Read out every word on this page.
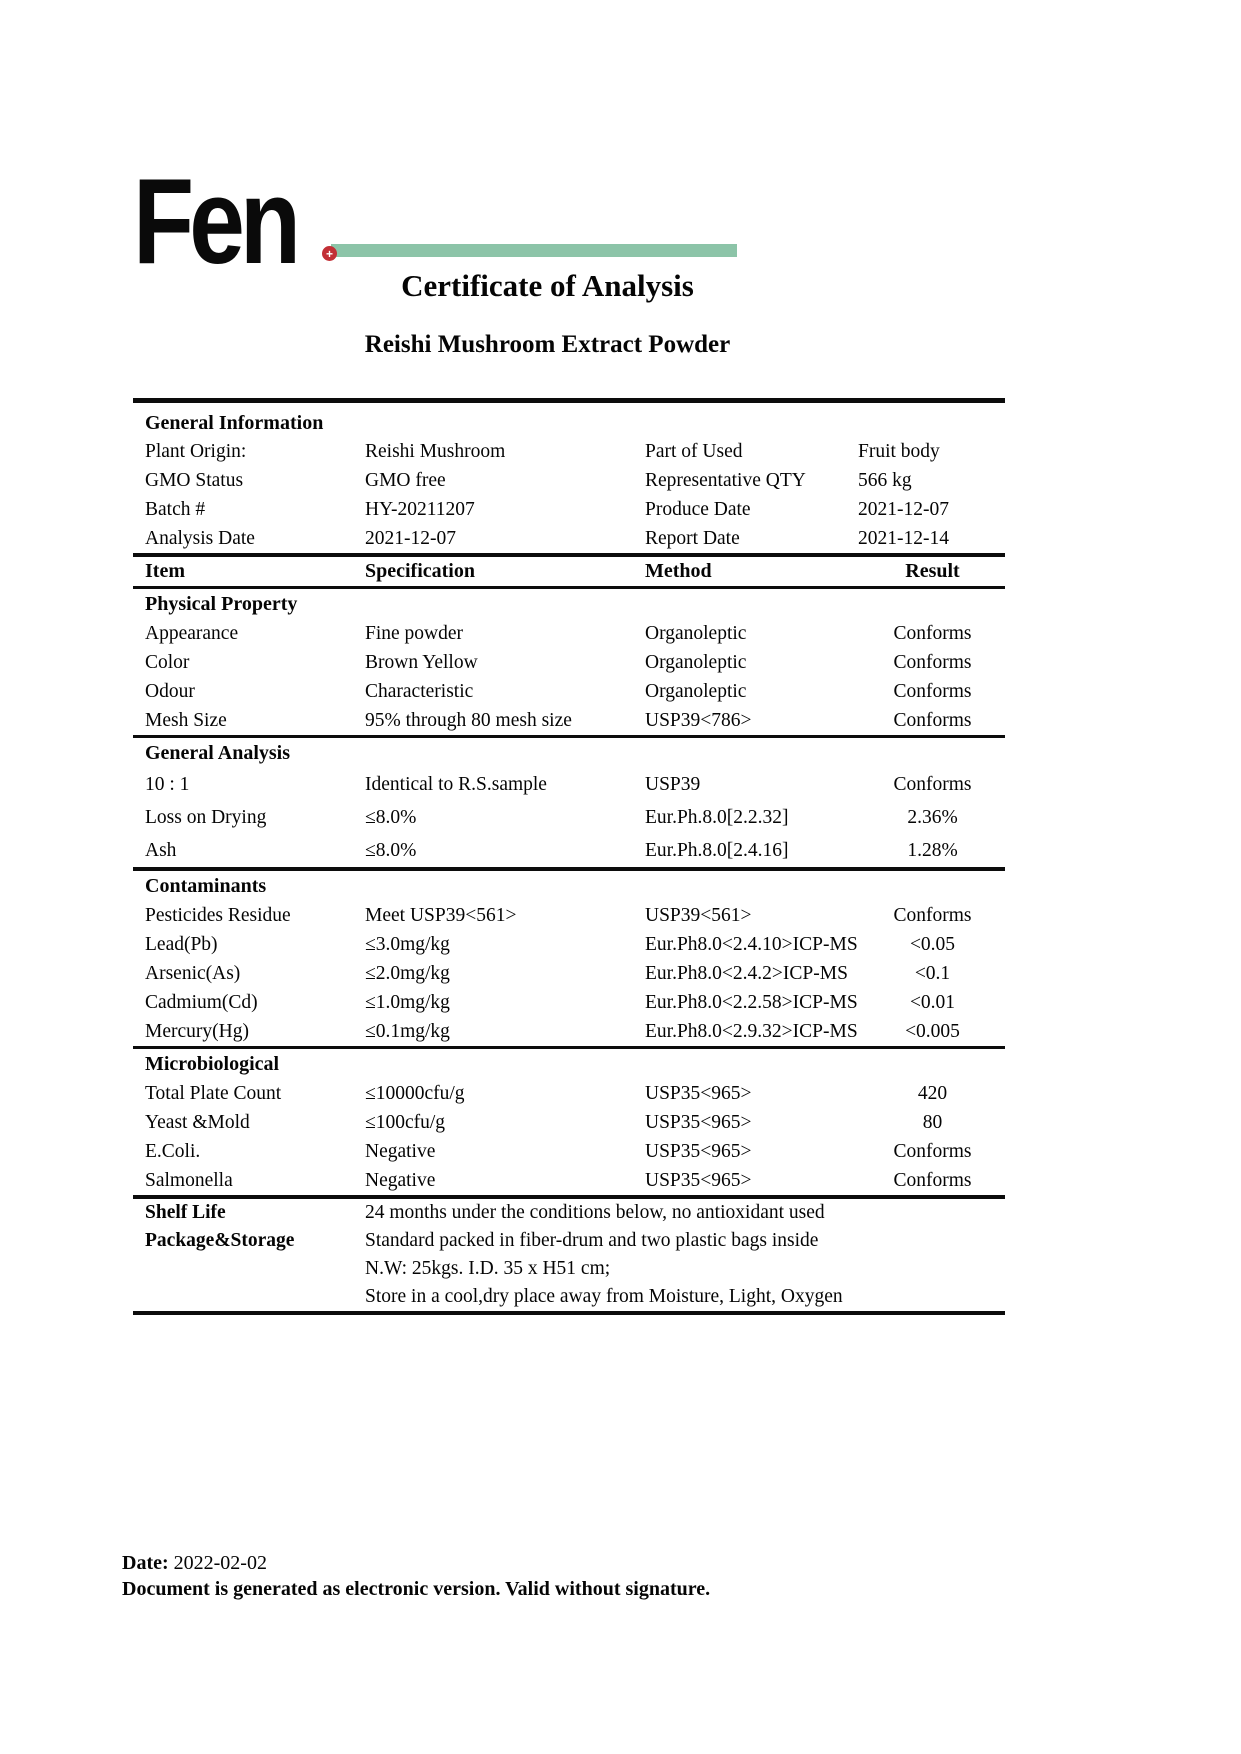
Fen +
Certificate of Analysis
Reishi Mushroom Extract Powder
General Information
Plant Origin:	Reishi Mushroom	Part of Used	Fruit body
GMO Status	GMO free	Representative QTY	566 kg
Batch #	HY-20211207	Produce Date	2021-12-07
Analysis Date	2021-12-07	Report Date	2021-12-14
Item	Specification	Method	Result
Physical Property
Appearance	Fine powder	Organoleptic	Conforms
Color	Brown Yellow	Organoleptic	Conforms
Odour	Characteristic	Organoleptic	Conforms
Mesh Size	95% through 80 mesh size	USP39<786>	Conforms
General Analysis
10 : 1	Identical to R.S.sample	USP39	Conforms
Loss on Drying	≤8.0%	Eur.Ph.8.0[2.2.32]	2.36%
Ash	≤8.0%	Eur.Ph.8.0[2.4.16]	1.28%
Contaminants
Pesticides Residue	Meet USP39<561>	USP39<561>	Conforms
Lead(Pb)	≤3.0mg/kg	Eur.Ph8.0<2.4.10>ICP-MS	<0.05
Arsenic(As)	≤2.0mg/kg	Eur.Ph8.0<2.4.2>ICP-MS	<0.1
Cadmium(Cd)	≤1.0mg/kg	Eur.Ph8.0<2.2.58>ICP-MS	<0.01
Mercury(Hg)	≤0.1mg/kg	Eur.Ph8.0<2.9.32>ICP-MS	<0.005
Microbiological
Total Plate Count	≤10000cfu/g	USP35<965>	420
Yeast &Mold	≤100cfu/g	USP35<965>	80
E.Coli.	Negative	USP35<965>	Conforms
Salmonella	Negative	USP35<965>	Conforms
Shelf Life	24 months under the conditions below, no antioxidant used
Package&Storage	Standard packed in fiber-drum and two plastic bags inside
N.W: 25kgs. I.D. 35 x H51 cm;
Store in a cool,dry place away from Moisture, Light, Oxygen
Date: 2022-02-02
Document is generated as electronic version. Valid without signature.
